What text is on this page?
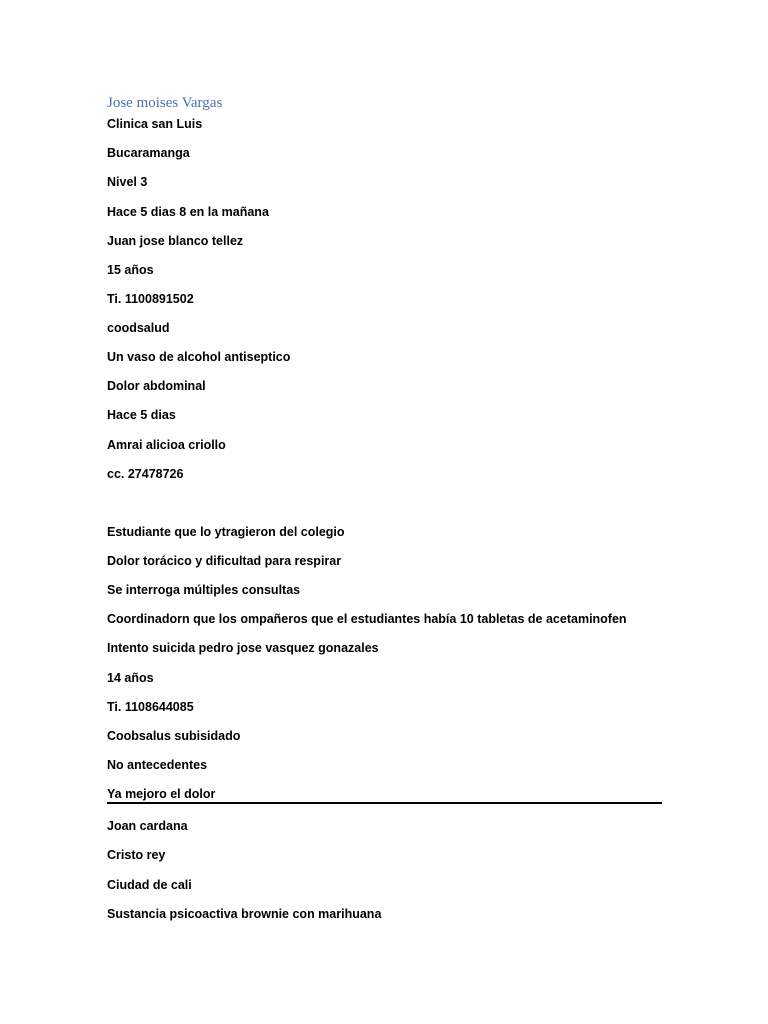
Jose moises Vargas
Clinica san Luis
Bucaramanga
Nivel 3
Hace 5 dias 8 en la mañana
Juan jose blanco tellez
15 años
Ti. 1100891502
coodsalud
Un vaso de alcohol antiseptico
Dolor abdominal
Hace 5 dias
Amrai alicioa criollo
cc. 27478726
Estudiante que lo ytragieron del colegio
Dolor torácico y dificultad para respirar
Se interroga múltiples consultas
Coordinadorn que los ompañeros que el estudiantes había 10 tabletas de acetaminofen
Intento suicida pedro jose vasquez gonazales
14 años
Ti. 1108644085
Coobsalus subisidado
No antecedentes
Ya mejoro el dolor
Joan cardana
Cristo rey
Ciudad de cali
Sustancia psicoactiva brownie con marihuana
